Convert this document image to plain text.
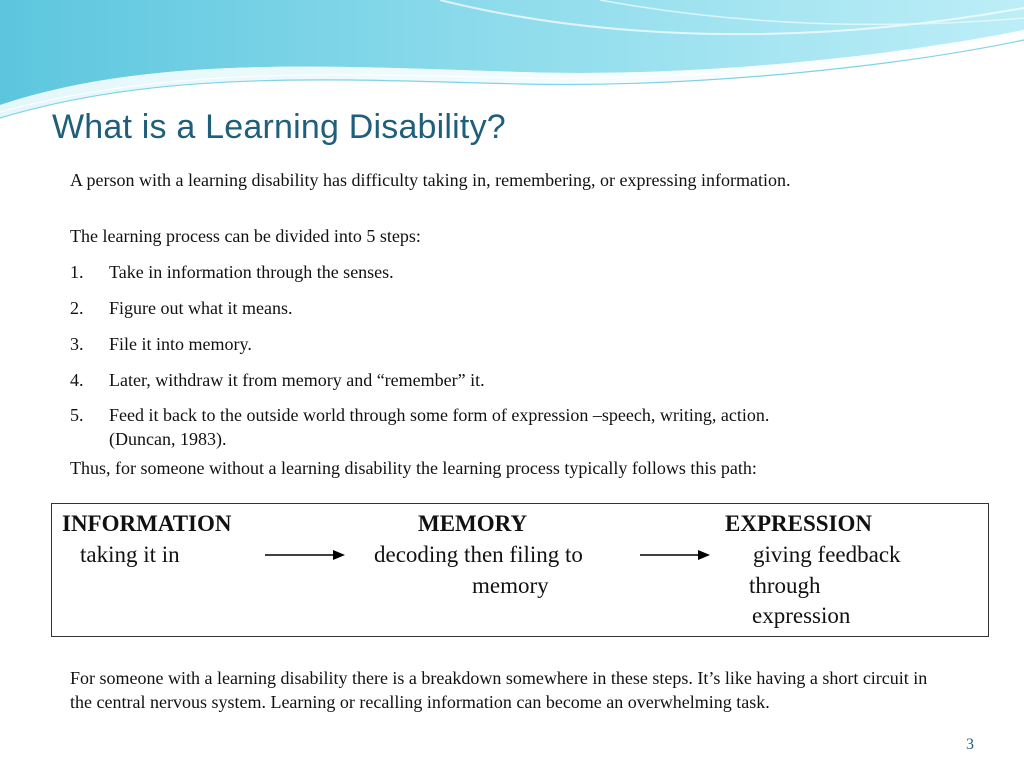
What is a Learning Disability?

A person with a learning disability has difficulty taking in, remembering, or expressing information.

The learning process can be divided into 5 steps:

1. Take in information through the senses.
2. Figure out what it means.
3. File it into memory.
4. Later, withdraw it from memory and “remember” it.
5. Feed it back to the outside world through some form of expression –speech, writing, action.
(Duncan, 1983).

Thus, for someone without a learning disability the learning process typically follows this path:

INFORMATION
taking it in
MEMORY
decoding then filing to
memory
EXPRESSION
giving feedback
through
expression

For someone with a learning disability there is a breakdown somewhere in these steps. It’s like having a short circuit in the central nervous system. Learning or recalling information can become an overwhelming task.

3
